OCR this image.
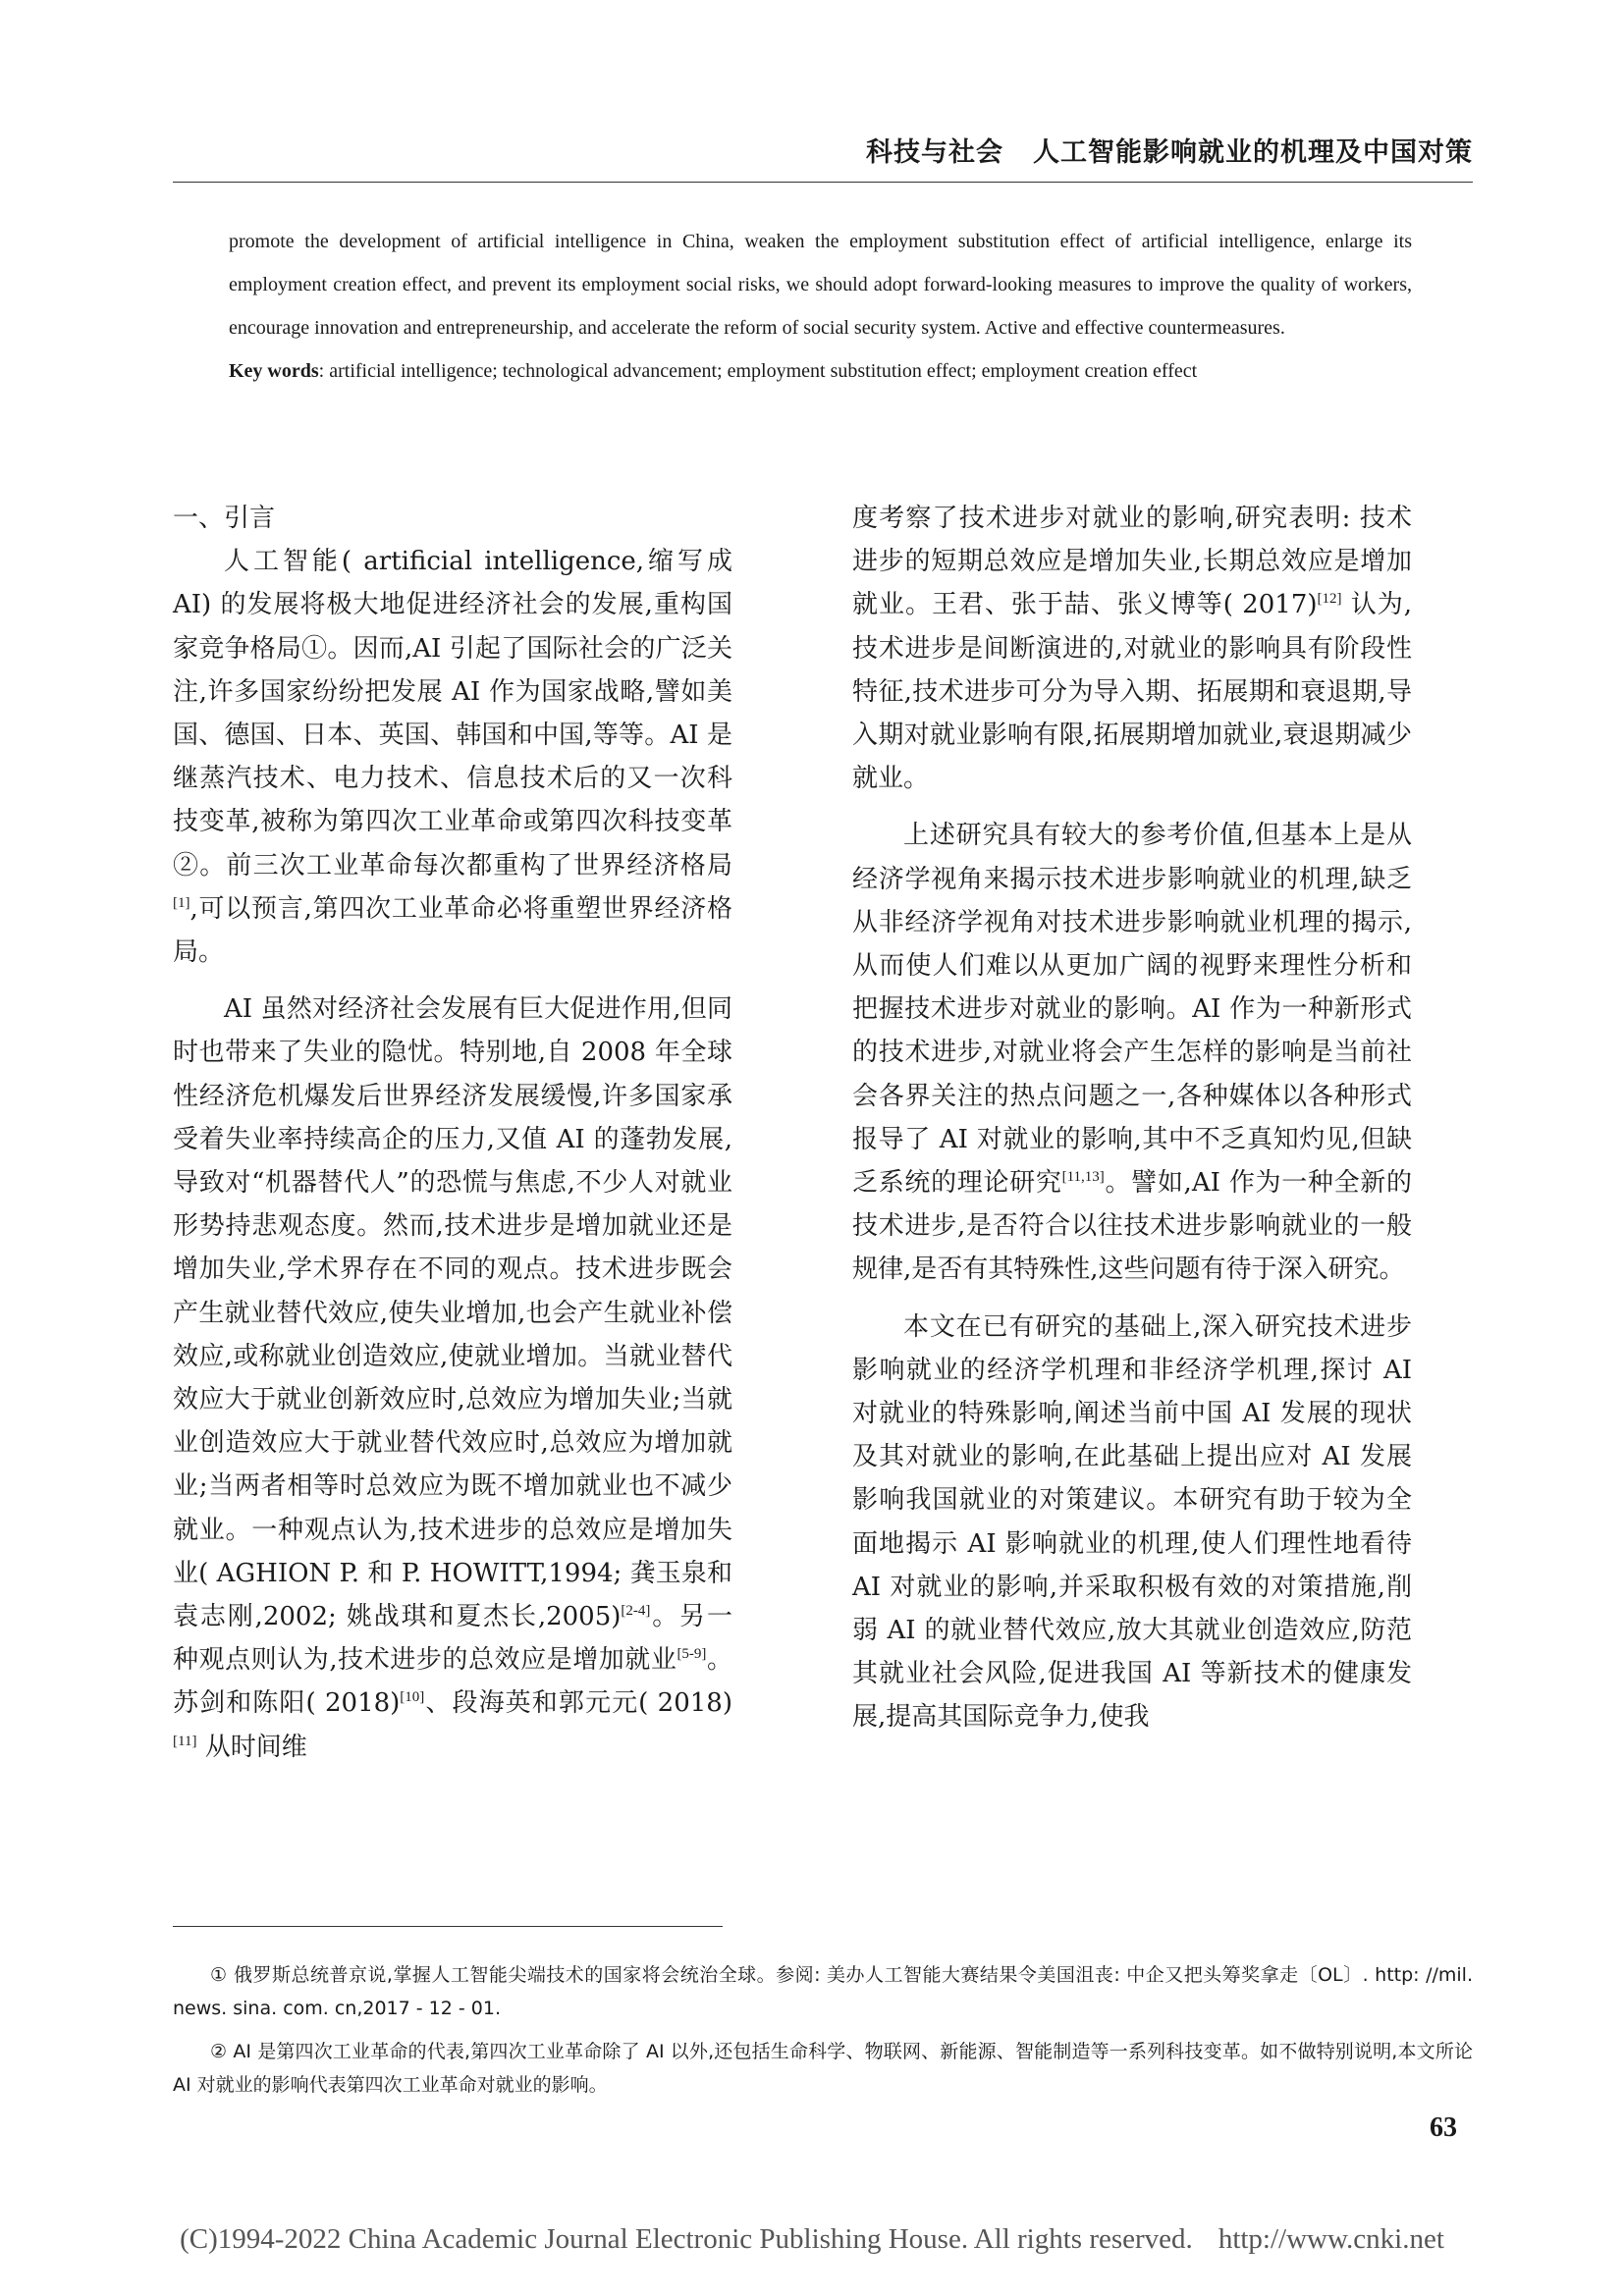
科技与社会 人工智能影响就业的机理及中国对策

promote the development of artificial intelligence in China, weaken the employment substitution effect of artificial intelligence, enlarge its employment creation effect, and prevent its employment social risks, we should adopt forward-looking measures to improve the quality of workers, encourage innovation and entrepreneurship, and accelerate the reform of social security system. Active and effective countermeasures.

Key words: artificial intelligence; technological advancement; employment substitution effect; employment creation effect

一、引言

人工智能( artificial intelligence,缩写成 AI) 的发展将极大地促进经济社会的发展,重构国家竞争格局①。因而,AI 引起了国际社会的广泛关注,许多国家纷纷把发展 AI 作为国家战略,譬如美国、德国、日本、英国、韩国和中国,等等。AI 是继蒸汽技术、电力技术、信息技术后的又一次科技变革,被称为第四次工业革命或第四次科技变革②。前三次工业革命每次都重构了世界经济格局[1],可以预言,第四次工业革命必将重塑世界经济格局。

AI 虽然对经济社会发展有巨大促进作用,但同时也带来了失业的隐忧。特别地,自 2008 年全球性经济危机爆发后世界经济发展缓慢,许多国家承受着失业率持续高企的压力,又值 AI 的蓬勃发展,导致对“机器替代人”的恐慌与焦虑,不少人对就业形势持悲观态度。然而,技术进步是增加就业还是增加失业,学术界存在不同的观点。技术进步既会产生就业替代效应,使失业增加,也会产生就业补偿效应,或称就业创造效应,使就业增加。当就业替代效应大于就业创新效应时,总效应为增加失业;当就业创造效应大于就业替代效应时,总效应为增加就业;当两者相等时总效应为既不增加就业也不减少就业。一种观点认为,技术进步的总效应是增加失业( AGHION P. 和 P. HOWITT,1994; 龚玉泉和袁志刚,2002; 姚战琪和夏杰长,2005)[2-4]。另一种观点则认为,技术进步的总效应是增加就业[5-9]。苏剑和陈阳( 2018)[10]、段海英和郭元元( 2018)[11] 从时间维

度考察了技术进步对就业的影响,研究表明: 技术进步的短期总效应是增加失业,长期总效应是增加就业。王君、张于喆、张义博等( 2017)[12] 认为,技术进步是间断演进的,对就业的影响具有阶段性特征,技术进步可分为导入期、拓展期和衰退期,导入期对就业影响有限,拓展期增加就业,衰退期减少就业。

上述研究具有较大的参考价值,但基本上是从经济学视角来揭示技术进步影响就业的机理,缺乏从非经济学视角对技术进步影响就业机理的揭示,从而使人们难以从更加广阔的视野来理性分析和把握技术进步对就业的影响。AI 作为一种新形式的技术进步,对就业将会产生怎样的影响是当前社会各界关注的热点问题之一,各种媒体以各种形式报导了 AI 对就业的影响,其中不乏真知灼见,但缺乏系统的理论研究[11,13]。譬如,AI 作为一种全新的技术进步,是否符合以往技术进步影响就业的一般规律,是否有其特殊性,这些问题有待于深入研究。

本文在已有研究的基础上,深入研究技术进步影响就业的经济学机理和非经济学机理,探讨 AI 对就业的特殊影响,阐述当前中国 AI 发展的现状及其对就业的影响,在此基础上提出应对 AI 发展影响我国就业的对策建议。本研究有助于较为全面地揭示 AI 影响就业的机理,使人们理性地看待 AI 对就业的影响,并采取积极有效的对策措施,削弱 AI 的就业替代效应,放大其就业创造效应,防范其就业社会风险,促进我国 AI 等新技术的健康发展,提高其国际竞争力,使我

① 俄罗斯总统普京说,掌握人工智能尖端技术的国家将会统治全球。参阅: 美办人工智能大赛结果令美国沮丧: 中企又把头筹奖拿走〔OL〕. http: //mil. news. sina. com. cn,2017 - 12 - 01.

② AI 是第四次工业革命的代表,第四次工业革命除了 AI 以外,还包括生命科学、物联网、新能源、智能制造等一系列科技变革。如不做特别说明,本文所论 AI 对就业的影响代表第四次工业革命对就业的影响。

63
(C)1994-2022 China Academic Journal Electronic Publishing House. All rights reserved. http://www.cnki.net
